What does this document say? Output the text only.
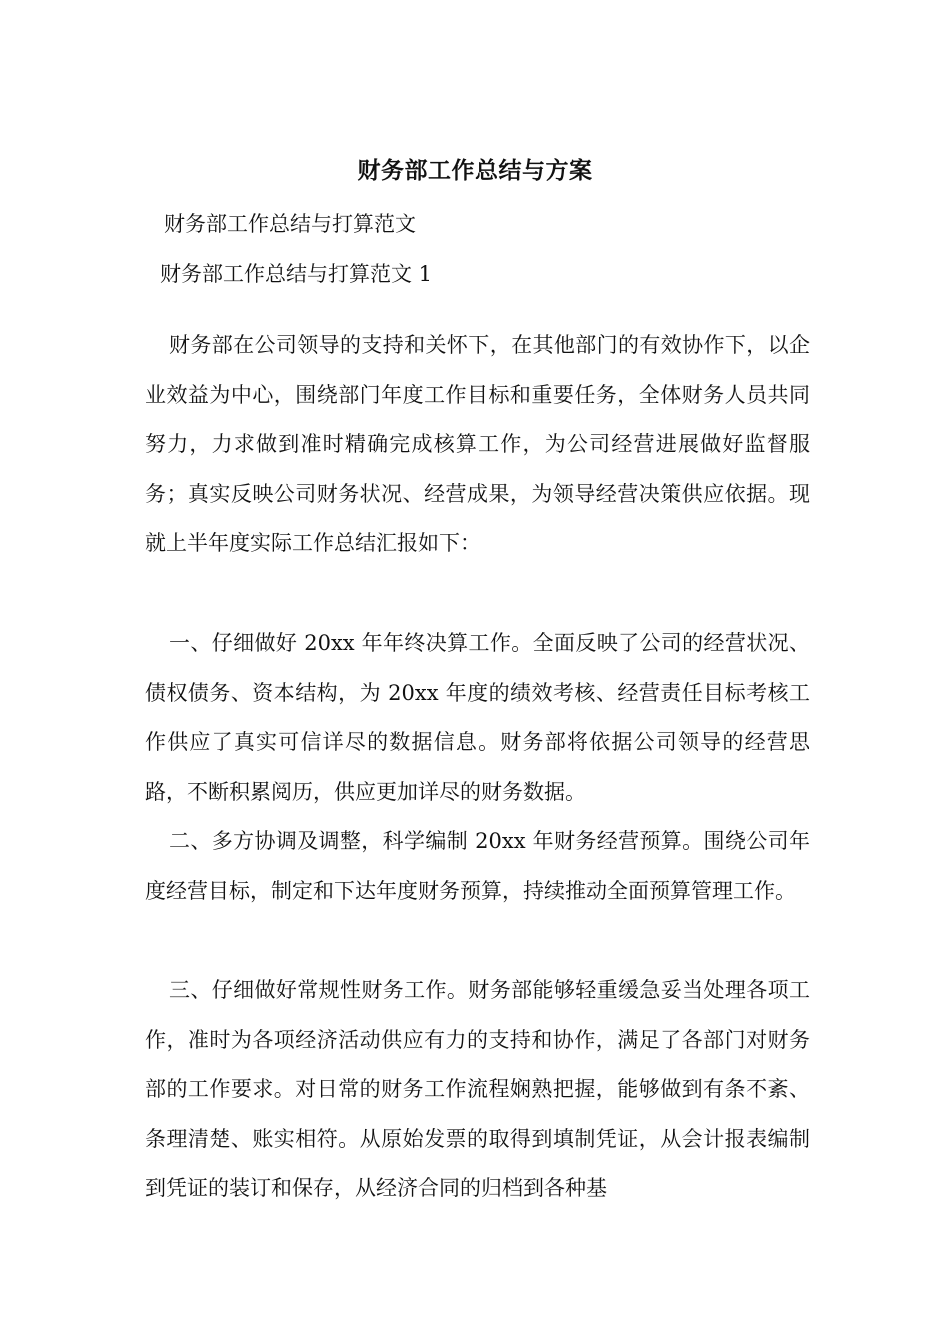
财务部工作总结与方案
财务部工作总结与打算范文
财务部工作总结与打算范文 1

财务部在公司领导的支持和关怀下，在其他部门的有效协作下，以企业效益为中心，围绕部门年度工作目标和重要任务，全体财务人员共同努力，力求做到准时精确完成核算工作，为公司经营进展做好监督服务；真实反映公司财务状况、经营成果，为领导经营决策供应依据。现就上半年度实际工作总结汇报如下：

一、仔细做好 20xx 年年终决算工作。全面反映了公司的经营状况、债权债务、资本结构，为 20xx 年度的绩效考核、经营责任目标考核工作供应了真实可信详尽的数据信息。财务部将依据公司领导的经营思路，不断积累阅历，供应更加详尽的财务数据。

二、多方协调及调整，科学编制 20xx 年财务经营预算。围绕公司年度经营目标，制定和下达年度财务预算，持续推动全面预算管理工作。

三、仔细做好常规性财务工作。财务部能够轻重缓急妥当处理各项工作，准时为各项经济活动供应有力的支持和协作，满足了各部门对财务部的工作要求。对日常的财务工作流程娴熟把握，能够做到有条不紊、条理清楚、账实相符。从原始发票的取得到填制凭证，从会计报表编制到凭证的装订和保存，从经济合同的归档到各种基
